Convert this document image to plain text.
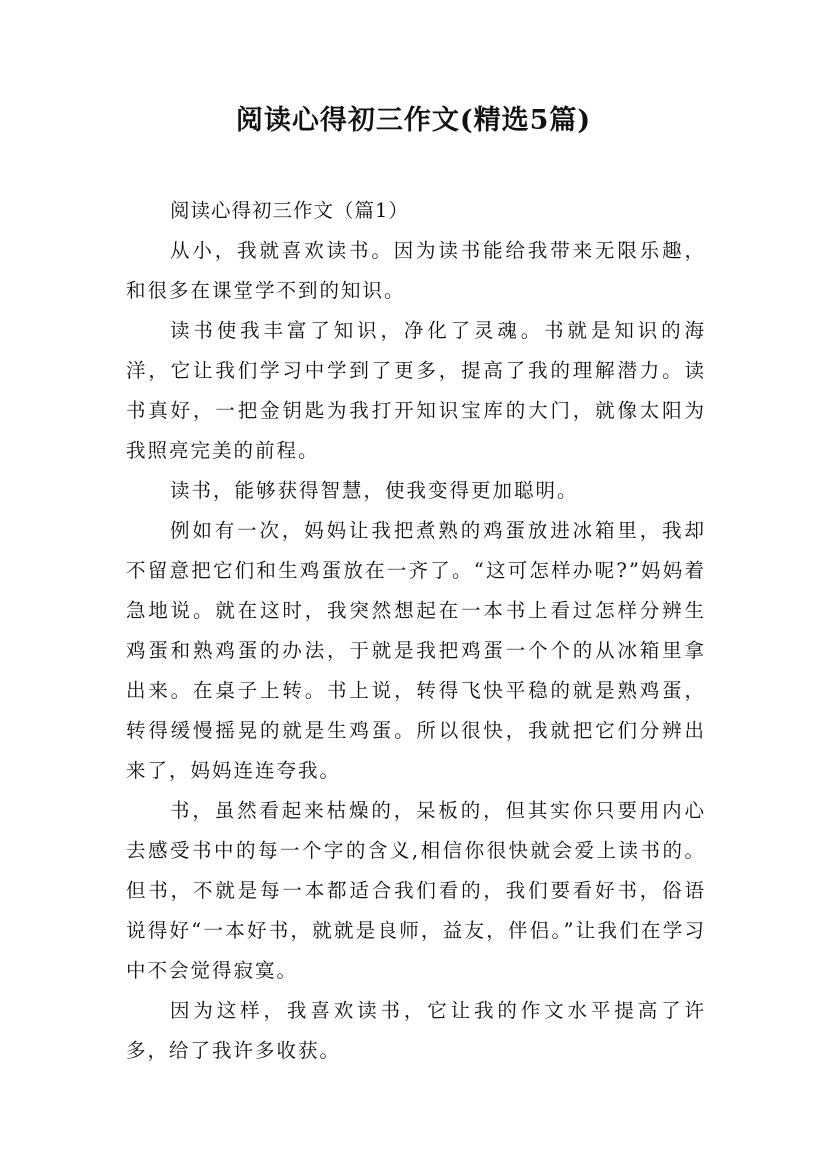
阅读心得初三作文(精选5篇)

阅读心得初三作文（篇1）

从小，我就喜欢读书。因为读书能给我带来无限乐趣，和很多在课堂学不到的知识。

读书使我丰富了知识，净化了灵魂。书就是知识的海洋，它让我们学习中学到了更多，提高了我的理解潜力。读书真好，一把金钥匙为我打开知识宝库的大门，就像太阳为我照亮完美的前程。

读书，能够获得智慧，使我变得更加聪明。

例如有一次，妈妈让我把煮熟的鸡蛋放进冰箱里，我却不留意把它们和生鸡蛋放在一齐了。“这可怎样办呢?”妈妈着急地说。就在这时，我突然想起在一本书上看过怎样分辨生鸡蛋和熟鸡蛋的办法，于就是我把鸡蛋一个个的从冰箱里拿出来。在桌子上转。书上说，转得飞快平稳的就是熟鸡蛋，转得缓慢摇晃的就是生鸡蛋。所以很快，我就把它们分辨出来了，妈妈连连夸我。

书，虽然看起来枯燥的，呆板的，但其实你只要用内心去感受书中的每一个字的含义,相信你很快就会爱上读书的。但书，不就是每一本都适合我们看的，我们要看好书，俗语说得好“一本好书，就就是良师，益友，伴侣。”让我们在学习中不会觉得寂寞。

因为这样，我喜欢读书，它让我的作文水平提高了许多，给了我许多收获。
